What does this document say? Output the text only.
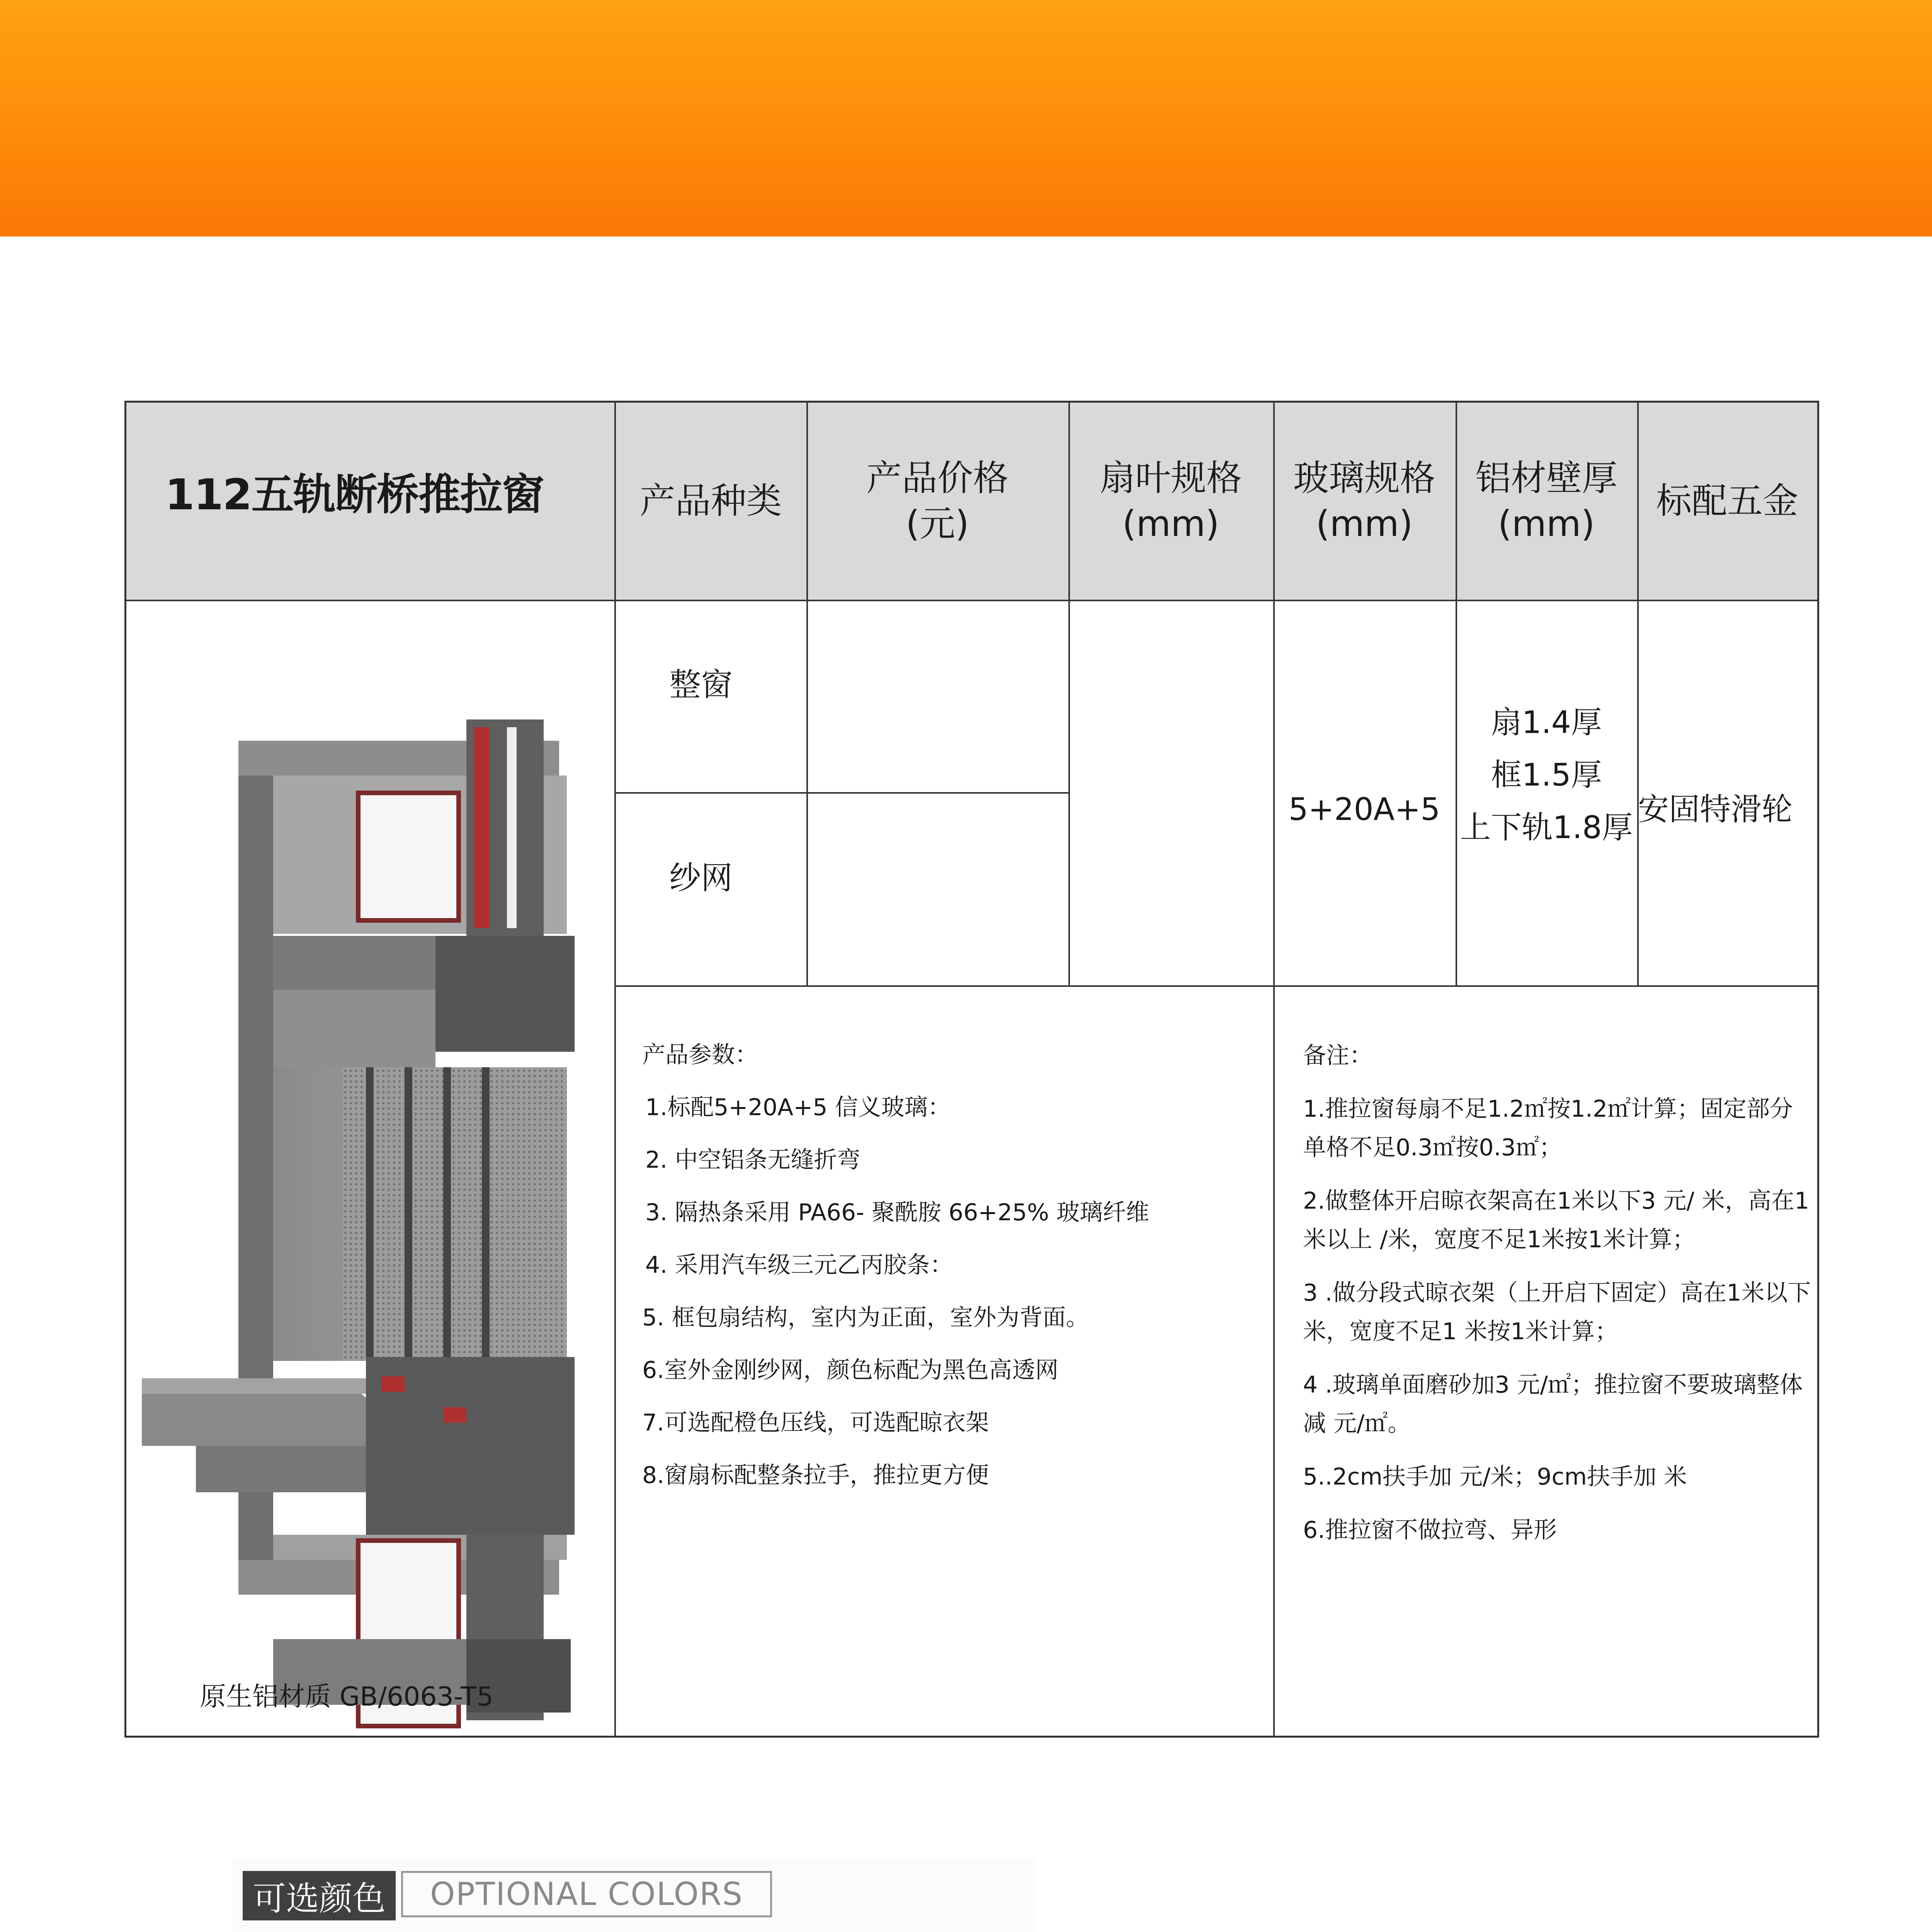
112五轨断桥推拉窗	产品种类
产品价格
(元)
扇叶规格
(mm)
玻璃规格
(mm)
铝材壁厚
(mm)
标配五金
整窗
纱网
5+20A+5
扇1.4厚
框1.5厚
上下轨1.8厚
安固特滑轮
产品参数：
1.标配5+20A+5 信义玻璃：
2. 中空铝条无缝折弯
3. 隔热条采用 PA66- 聚酰胺 66+25% 玻璃纤维
4. 采用汽车级三元乙丙胶条：
5. 框包扇结构，室内为正面，室外为背面。
6.室外金刚纱网，颜色标配为黑色高透网
7.可选配橙色压线，可选配晾衣架
8.窗扇标配整条拉手，推拉更方便

备注：

1.推拉窗每扇不足1.2㎡按1.2㎡计算；固定部分单格不足0.3㎡按0.3㎡；

2.做整体开启晾衣架高在1米以下3 元/ 米，高在1米以上 /米，宽度不足1米按1米计算；

3 .做分段式晾衣架（上开启下固定）高在1米以下 米，宽度不足1 米按1米计算；

4 .玻璃单面磨砂加3 元/㎡；推拉窗不要玻璃整体减 元/㎡。

5..2cm扶手加 元/米；9cm扶手加 米

6.推拉窗不做拉弯、异形

原生铝材质 GB/6063-T5
可选颜色	OPTIONAL COLORS
